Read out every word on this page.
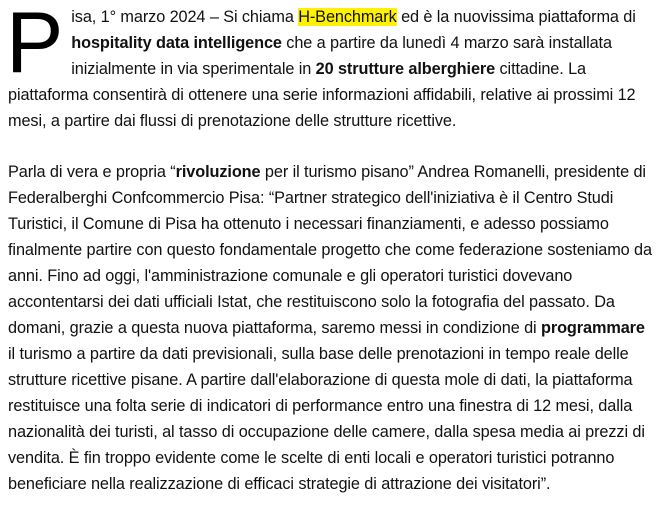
Pisa, 1° marzo 2024 – Si chiama H-Benchmark ed è la nuovissima piattaforma di hospitality data intelligence che a partire da lunedì 4 marzo sarà installata inizialmente in via sperimentale in 20 strutture alberghiere cittadine. La piattaforma consentirà di ottenere una serie informazioni affidabili, relative ai prossimi 12 mesi, a partire dai flussi di prenotazione delle strutture ricettive.

Parla di vera e propria “rivoluzione per il turismo pisano” Andrea Romanelli, presidente di Federalberghi Confcommercio Pisa: “Partner strategico dell'iniziativa è il Centro Studi Turistici, il Comune di Pisa ha ottenuto i necessari finanziamenti, e adesso possiamo finalmente partire con questo fondamentale progetto che come federazione sosteniamo da anni. Fino ad oggi, l'amministrazione comunale e gli operatori turistici dovevano accontentarsi dei dati ufficiali Istat, che restituiscono solo la fotografia del passato. Da domani, grazie a questa nuova piattaforma, saremo messi in condizione di programmare il turismo a partire da dati previsionali, sulla base delle prenotazioni in tempo reale delle strutture ricettive pisane. A partire dall'elaborazione di questa mole di dati, la piattaforma restituisce una folta serie di indicatori di performance entro una finestra di 12 mesi, dalla nazionalità dei turisti, al tasso di occupazione delle camere, dalla spesa media ai prezzi di vendita. È fin troppo evidente come le scelte di enti locali e operatori turistici potranno beneficiare nella realizzazione di efficaci strategie di attrazione dei visitatori”.
